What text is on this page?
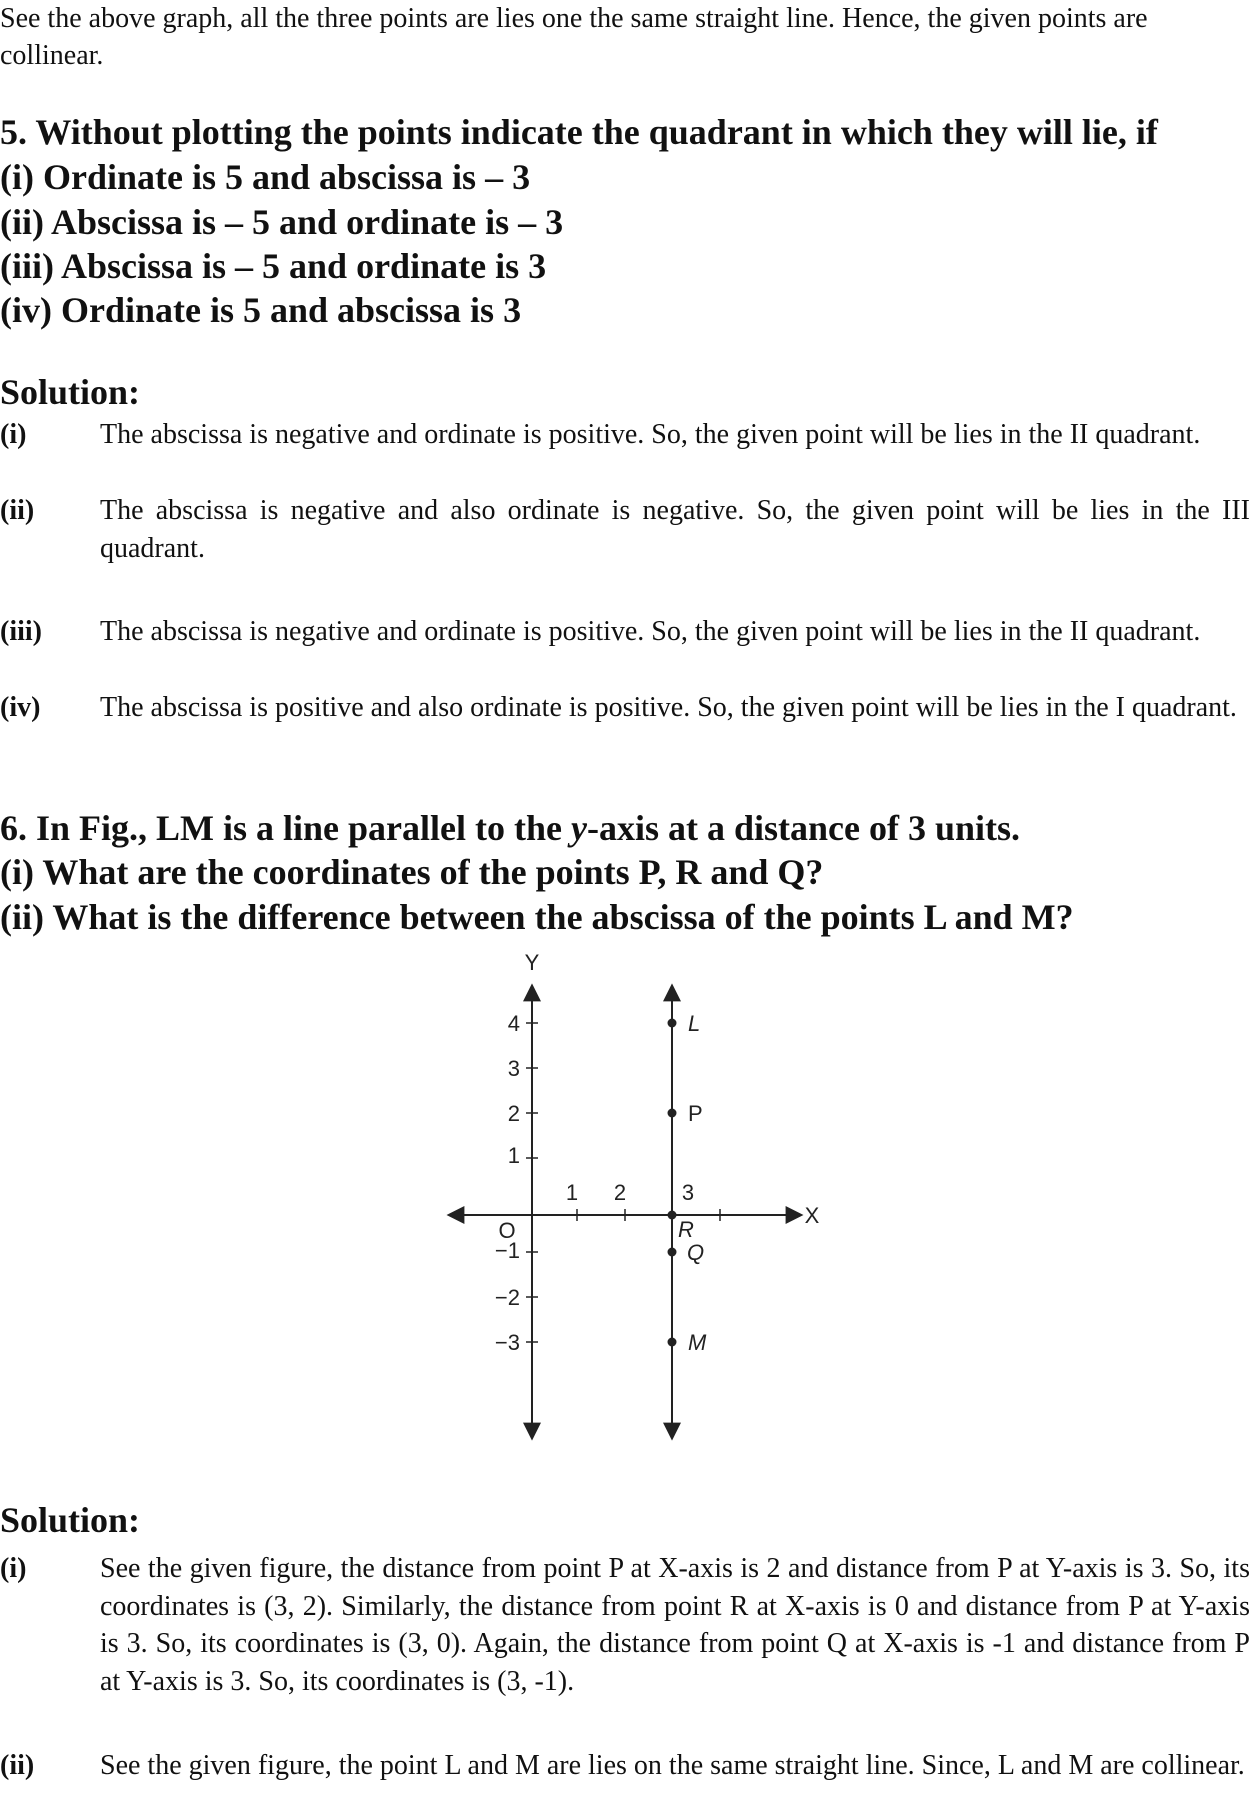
See the above graph, all the three points are lies one the same straight line. Hence, the given points are collinear.

5. Without plotting the points indicate the quadrant in which they will lie, if
(i) Ordinate is 5 and abscissa is – 3
(ii) Abscissa is – 5 and ordinate is – 3
(iii) Abscissa is – 5 and ordinate is 3
(iv) Ordinate is 5 and abscissa is 3
Solution:
(i)	The abscissa is negative and ordinate is positive. So, the given point will be lies in the II quadrant.
(ii) The abscissa is negative and also ordinate is negative. So, the given point will be lies in the III quadrant.
(iii) The abscissa is negative and ordinate is positive. So, the given point will be lies in the II quadrant.
(iv) The abscissa is positive and also ordinate is positive. So, the given point will be lies in the I quadrant.
6. In Fig., LM is a line parallel to the y-axis at a distance of 3 units.
(i) What are the coordinates of the points P, R and Q?
(ii) What is the difference between the abscissa of the points L and M?
Y
X
O
1 2	3
4
3
2
1
−1
−2
−3
L
P
R
Q
M
Solution:
(i)	See the given figure, the distance from point P at X-axis is 2 and distance from P at Y-axis is 3. So, its coordinates is (3, 2). Similarly, the distance from point R at X-axis is 0 and distance from P at Y-axis is 3. So, its coordinates is (3, 0). Again, the distance from point Q at X-axis is -1 and distance from P at Y-axis is 3. So, its coordinates is (3, -1).
(ii) See the given figure, the point L and M are lies on the same straight line. Since, L and M are collinear.
